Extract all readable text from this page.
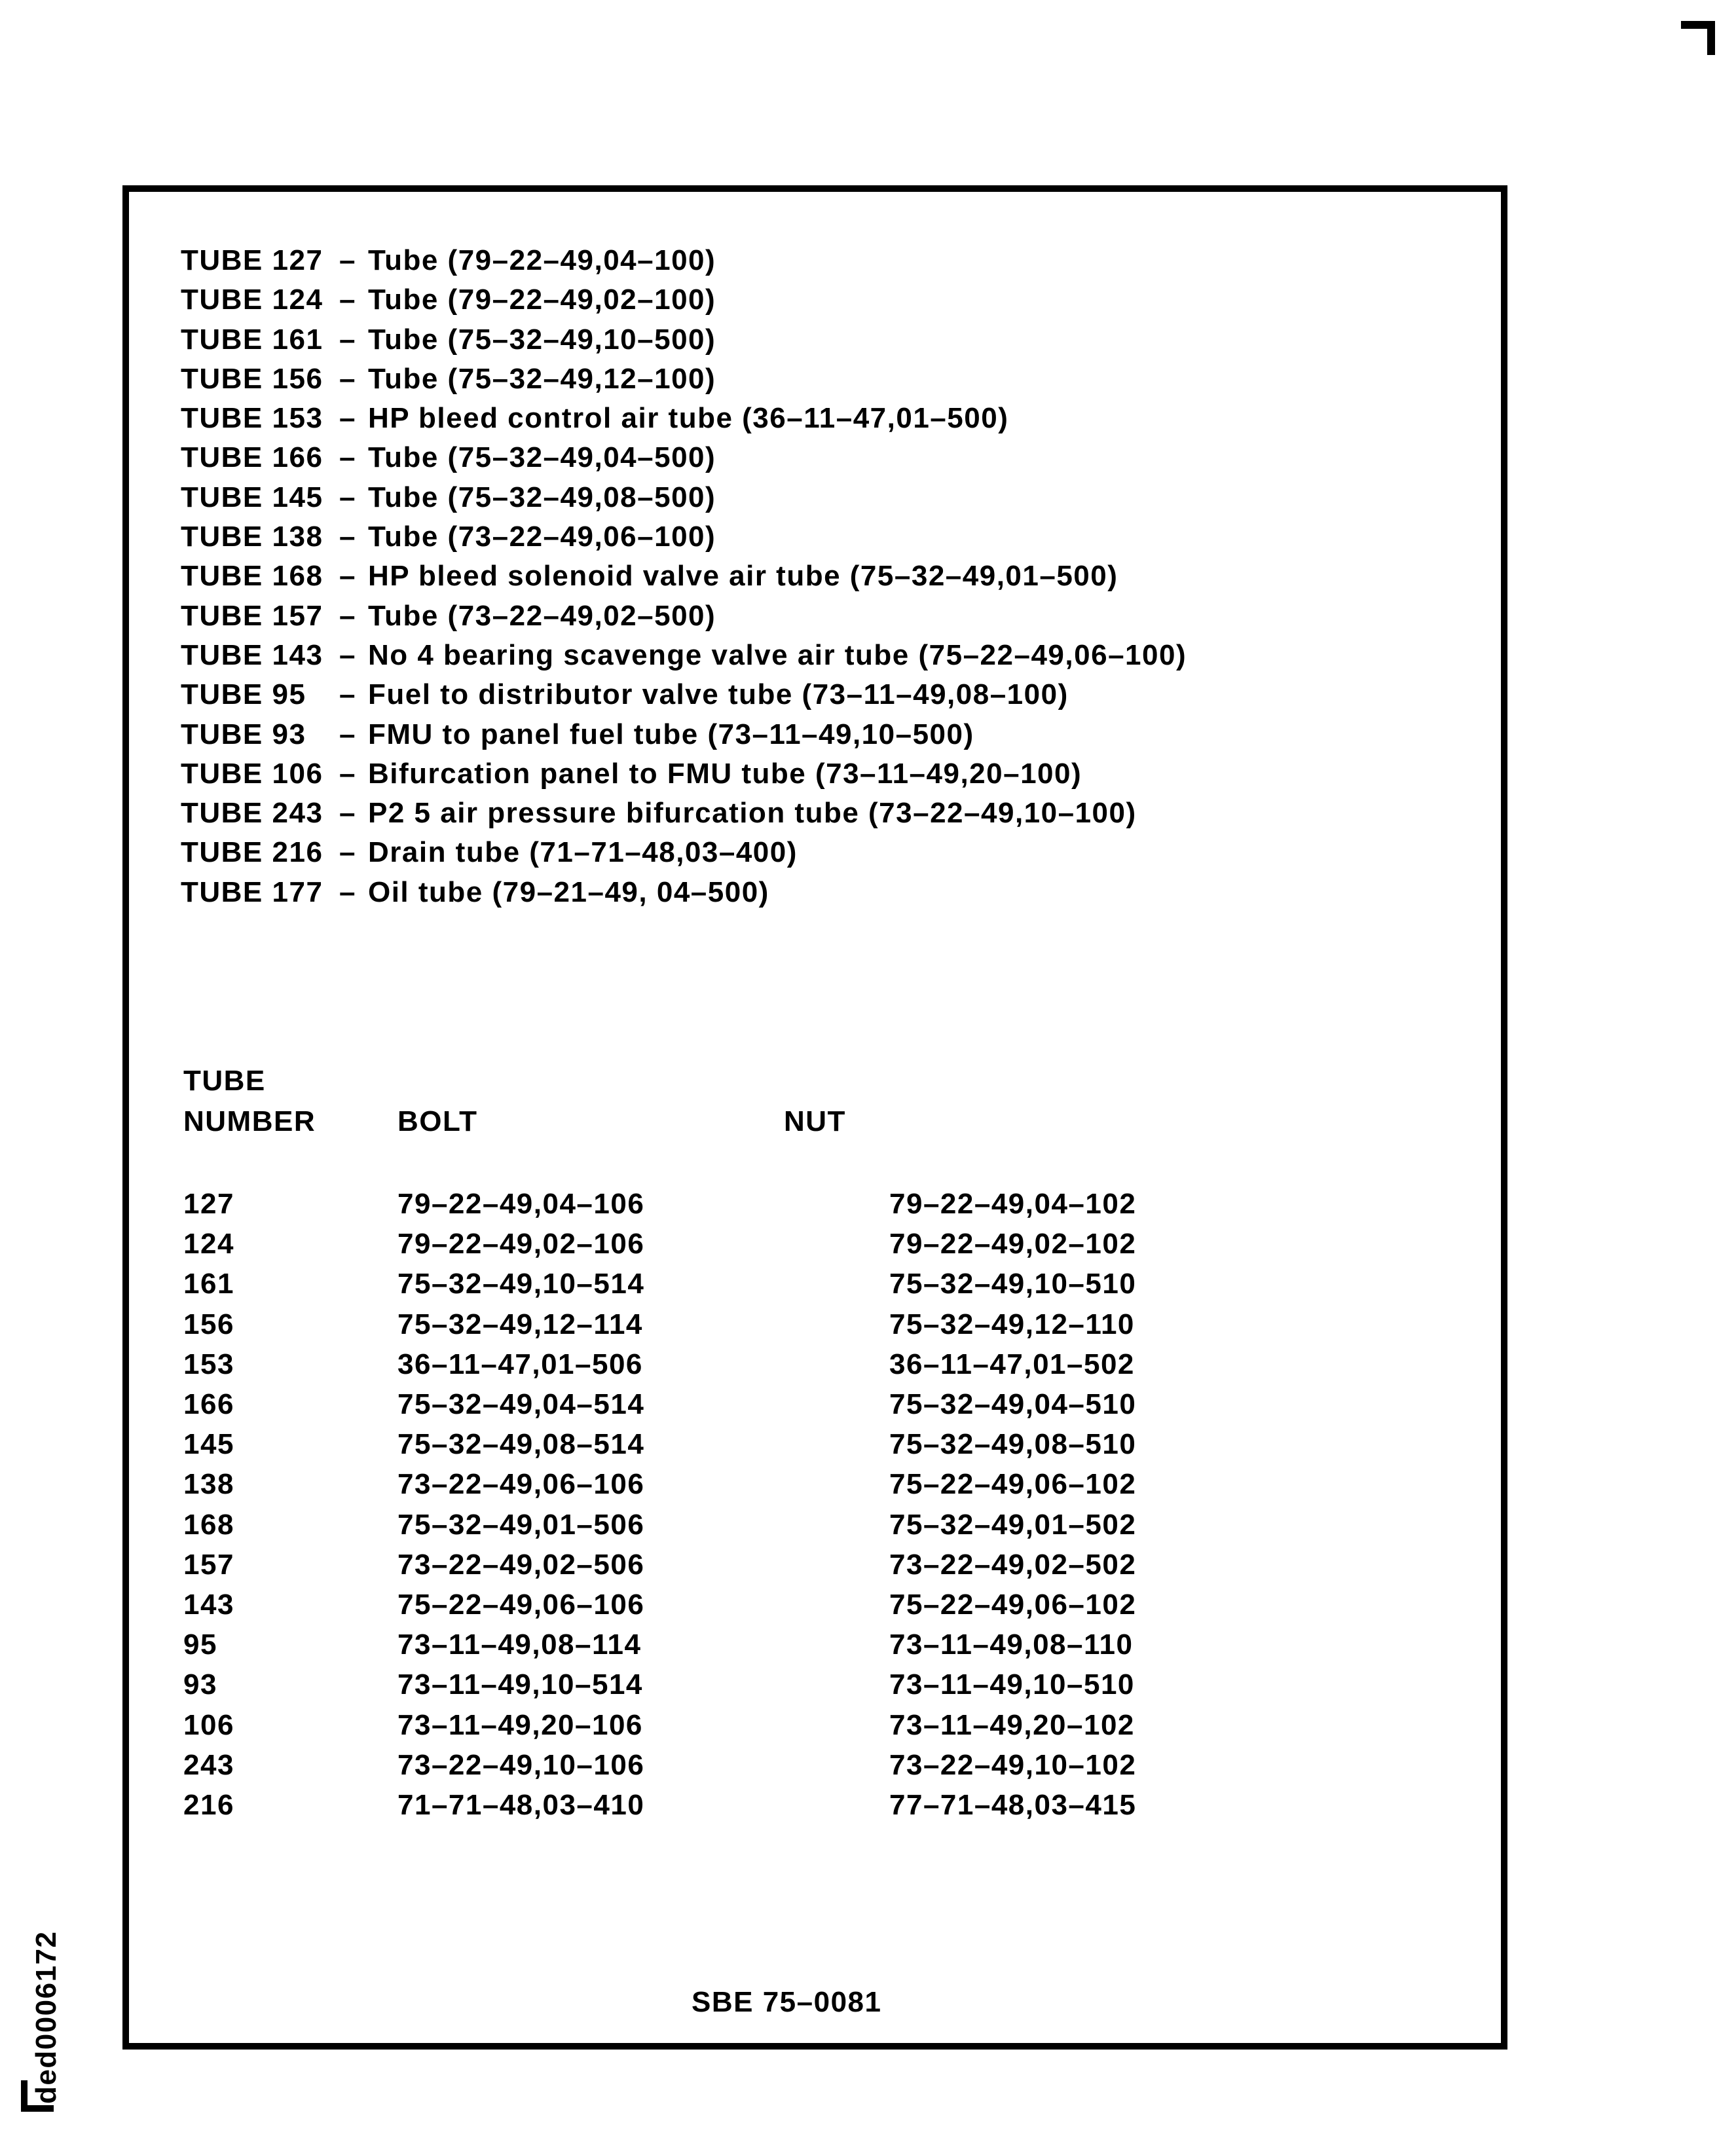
TUBE 127 – Tube (79–22–49,04–100)
TUBE 124 – Tube (79–22–49,02–100)
TUBE 161 – Tube (75–32–49,10–500)
TUBE 156 – Tube (75–32–49,12–100)
TUBE 153 – HP bleed control air tube (36–11–47,01–500)
TUBE 166 – Tube (75–32–49,04–500)
TUBE 145 – Tube (75–32–49,08–500)
TUBE 138 – Tube (73–22–49,06–100)
TUBE 168 – HP bleed solenoid valve air tube (75–32–49,01–500)
TUBE 157 – Tube (73–22–49,02–500)
TUBE 143 – No 4 bearing scavenge valve air tube (75–22–49,06–100)
TUBE 95 – Fuel to distributor valve tube (73–11–49,08–100)
TUBE 93 – FMU to panel fuel tube (73–11–49,10–500)
TUBE 106 – Bifurcation panel to FMU tube (73–11–49,20–100)
TUBE 243 – P2 5 air pressure bifurcation tube (73–22–49,10–100)
TUBE 216 – Drain tube (71–71–48,03–400)
TUBE 177 – Oil tube (79–21–49, 04–500)
TUBE
NUMBER	BOLT	NUT
127	79–22–49,04–106	79–22–49,04–102
124	79–22–49,02–106	79–22–49,02–102
161	75–32–49,10–514	75–32–49,10–510
156	75–32–49,12–114	75–32–49,12–110
153	36–11–47,01–506	36–11–47,01–502
166	75–32–49,04–514	75–32–49,04–510
145	75–32–49,08–514	75–32–49,08–510
138	73–22–49,06–106	75–22–49,06–102
168	75–32–49,01–506	75–32–49,01–502
157	73–22–49,02–506	73–22–49,02–502
143	75–22–49,06–106	75–22–49,06–102
95	73–11–49,08–114	73–11–49,08–110
93	73–11–49,10–514	73–11–49,10–510
106	73–11–49,20–106	73–11–49,20–102
243	73–22–49,10–106	73–22–49,10–102
216	71–71–48,03–410	77–71–48,03–415
SBE 75–0081
ded0006172
